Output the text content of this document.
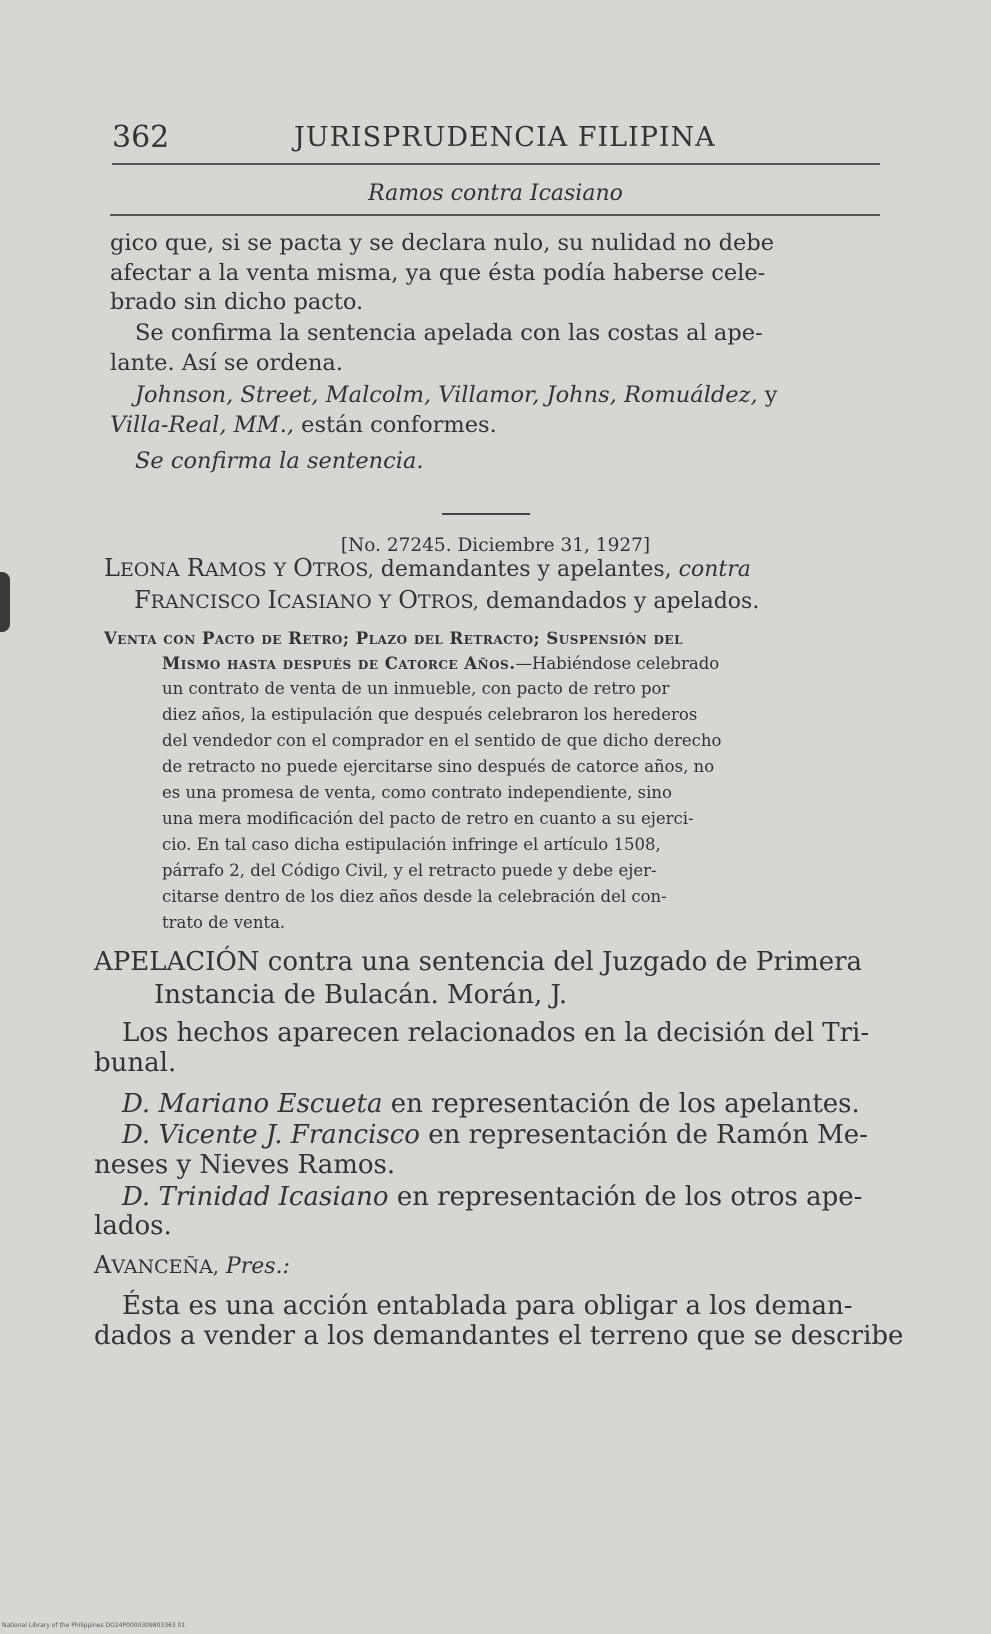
362	JURISPRUDENCIA FILIPINA
Ramos contra Icasiano
gico que, si se pacta y se declara nulo, su nulidad no debe
afectar a la venta misma, ya que ésta podía haberse cele-
brado sin dicho pacto.
Se confirma la sentencia apelada con las costas al ape-
lante. Así se ordena.
Johnson, Street, Malcolm, Villamor, Johns, Romuáldez, y
Villa-Real, MM., están conformes.
Se confirma la sentencia.
[No. 27245. Diciembre 31, 1927]
LEONA RAMOS Y OTROS, demandantes y apelantes, contra
FRANCISCO ICASIANO Y OTROS, demandados y apelados.
Venta con Pacto de Retro; Plazo del Retracto; Suspensión del
Mismo hasta después de Catorce Años.—Habiéndose celebrado
un contrato de venta de un inmueble, con pacto de retro por
diez años, la estipulación que después celebraron los herederos
del vendedor con el comprador en el sentido de que dicho derecho
de retracto no puede ejercitarse sino después de catorce años, no
es una promesa de venta, como contrato independiente, sino
una mera modificación del pacto de retro en cuanto a su ejerci-
cio. En tal caso dicha estipulación infringe el artículo 1508,
párrafo 2, del Código Civil, y el retracto puede y debe ejer-
citarse dentro de los diez años desde la celebración del con-
trato de venta.
APELACIÓN contra una sentencia del Juzgado de Primera
Instancia de Bulacán. Morán, J.
Los hechos aparecen relacionados en la decisión del Tri-
bunal.
D. Mariano Escueta en representación de los apelantes.
D. Vicente J. Francisco en representación de Ramón Me-
neses y Nieves Ramos.
D. Trinidad Icasiano en representación de los otros ape-
lados.
AVANCEÑA, Pres.:
Ésta es una acción entablada para obligar a los deman-
dados a vender a los demandantes el terreno que se describe
National Library of the Philippines DO24P0000309803363 01
